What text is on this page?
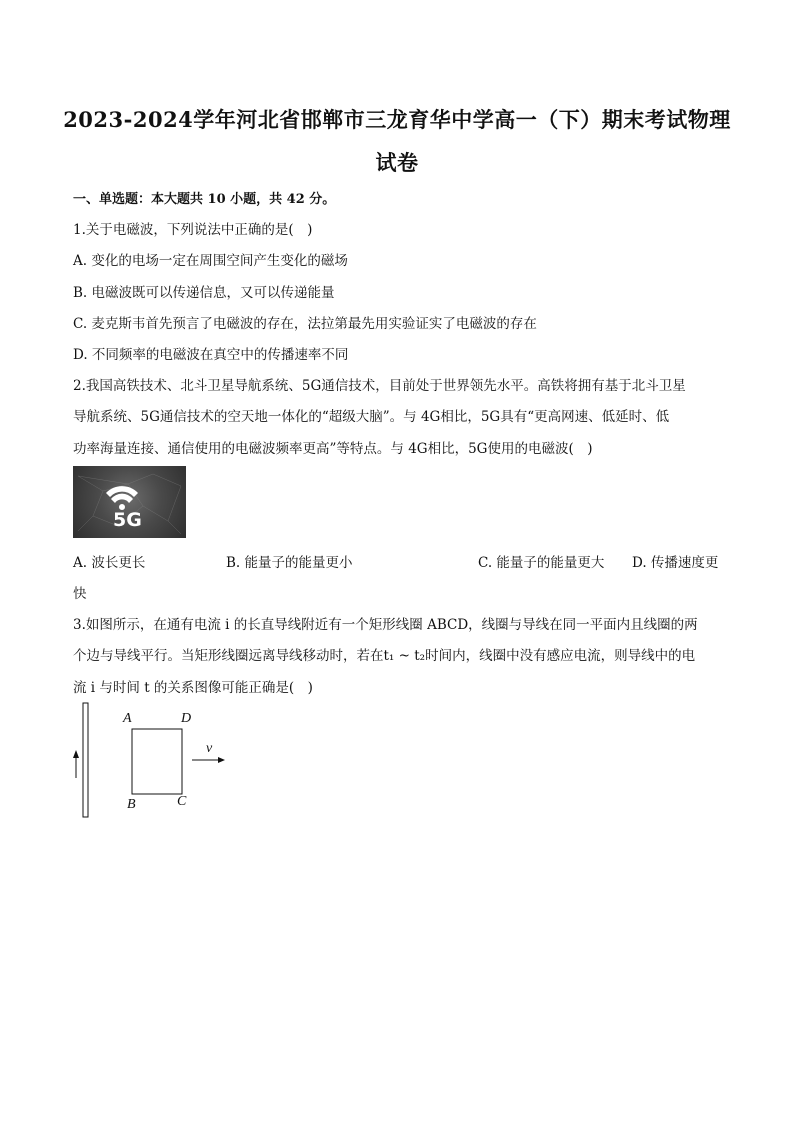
2023-2024学年河北省邯郸市三龙育华中学高一（下）期末考试物理
试卷
一、单选题：本大题共 10 小题，共 42 分。
1.关于电磁波，下列说法中正确的是(　)
A. 变化的电场一定在周围空间产生变化的磁场
B. 电磁波既可以传递信息，又可以传递能量
C. 麦克斯韦首先预言了电磁波的存在，法拉第最先用实验证实了电磁波的存在
D. 不同频率的电磁波在真空中的传播速率不同
2.我国高铁技术、北斗卫星导航系统、5G通信技术，目前处于世界领先水平。高铁将拥有基于北斗卫星
导航系统、5G通信技术的空天地一体化的“超级大脑”。与 4G相比，5G具有“更高网速、低延时、低
功率海量连接、通信使用的电磁波频率更高”等特点。与 4G相比，5G使用的电磁波(　)
5G
A. 波长更长	B. 能量子的能量更小	C. 能量子的能量更大 D. 传播速度更
快
3.如图所示，在通有电流 i 的长直导线附近有一个矩形线圈 ABCD，线圈与导线在同一平面内且线圈的两
个边与导线平行。当矩形线圈远离导线移动时，若在t₁ ~ t₂时间内，线圈中没有感应电流，则导线中的电
流 i 与时间 t 的关系图像可能正确是(　)
A	D
B	C
v
